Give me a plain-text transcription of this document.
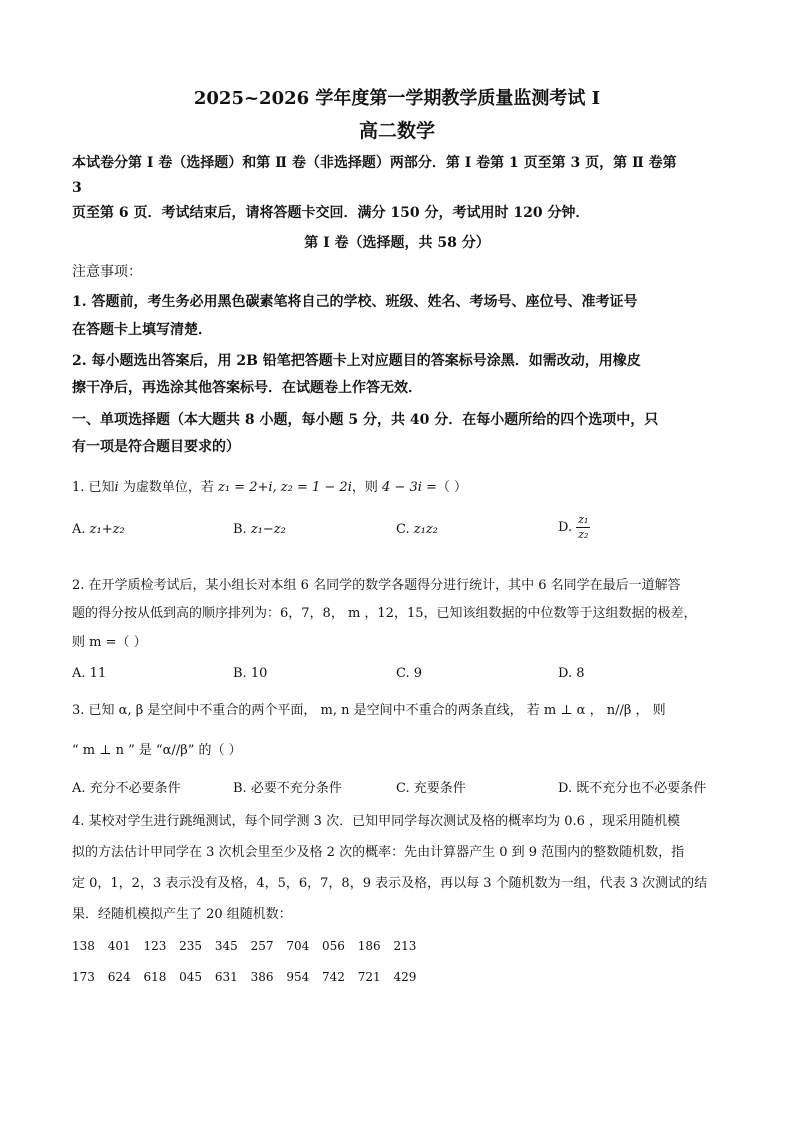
2025~2026 学年度第一学期教学质量监测考试 Ⅰ
高二数学
本试卷分第 Ⅰ 卷（选择题）和第 Ⅱ 卷（非选择题）两部分．第 Ⅰ 卷第 1 页至第 3 页，第 Ⅱ 卷第
3
页至第 6 页．考试结束后，请将答题卡交回．满分 150 分，考试用时 120 分钟．
第 Ⅰ 卷（选择题，共 58 分）
注意事项：
1. 答题前，考生务必用黑色碳素笔将自己的学校、班级、姓名、考场号、座位号、准考证号
在答题卡上填写清楚．
2. 每小题选出答案后，用 2B 铅笔把答题卡上对应题目的答案标号涂黑．如需改动，用橡皮
擦干净后，再选涂其他答案标号．在试题卷上作答无效．
一、单项选择题（本大题共 8 小题，每小题 5 分，共 40 分．在每小题所给的四个选项中，只
有一项是符合题目要求的）
1. 已知i 为虚数单位，若 z₁ = 2+i, z₂ = 1 − 2i，则 4 − 3i =（ ）
A. z₁+z₂	B. z₁−z₂	C. z₁z₂	D. $\frac{\text{z₁}}{\text{z₂}}$
2. 在开学质检考试后，某小组长对本组 6 名同学的数学各题得分进行统计，其中 6 名同学在最后一道解答
题的得分按从低到高的顺序排列为：6，7，8， m ，12，15，已知该组数据的中位数等于这组数据的极差，
则 m =（ ）
A. 11	B. 10	C. 9	D. 8
3. 已知 α, β 是空间中不重合的两个平面， m, n 是空间中不重合的两条直线， 若 m ⊥ α ， n//β ， 则
“ m ⊥ n ” 是 “α//β” 的（ ）
A. 充分不必要条件	B. 必要不充分条件	C. 充要条件	D. 既不充分也不必要条件
4. 某校对学生进行跳绳测试，每个同学测 3 次．已知甲同学每次测试及格的概率均为 0.6 ，现采用随机模
拟的方法估计甲同学在 3 次机会里至少及格 2 次的概率：先由计算器产生 0 到 9 范围内的整数随机数，指
定 0，1，2，3 表示没有及格，4，5，6，7，8，9 表示及格，再以每 3 个随机数为一组，代表 3 次测试的结
果．经随机模拟产生了 20 组随机数：
138 401 123 235 345 257 704 056 186 213
173 624 618 045 631 386 954 742 721 429
